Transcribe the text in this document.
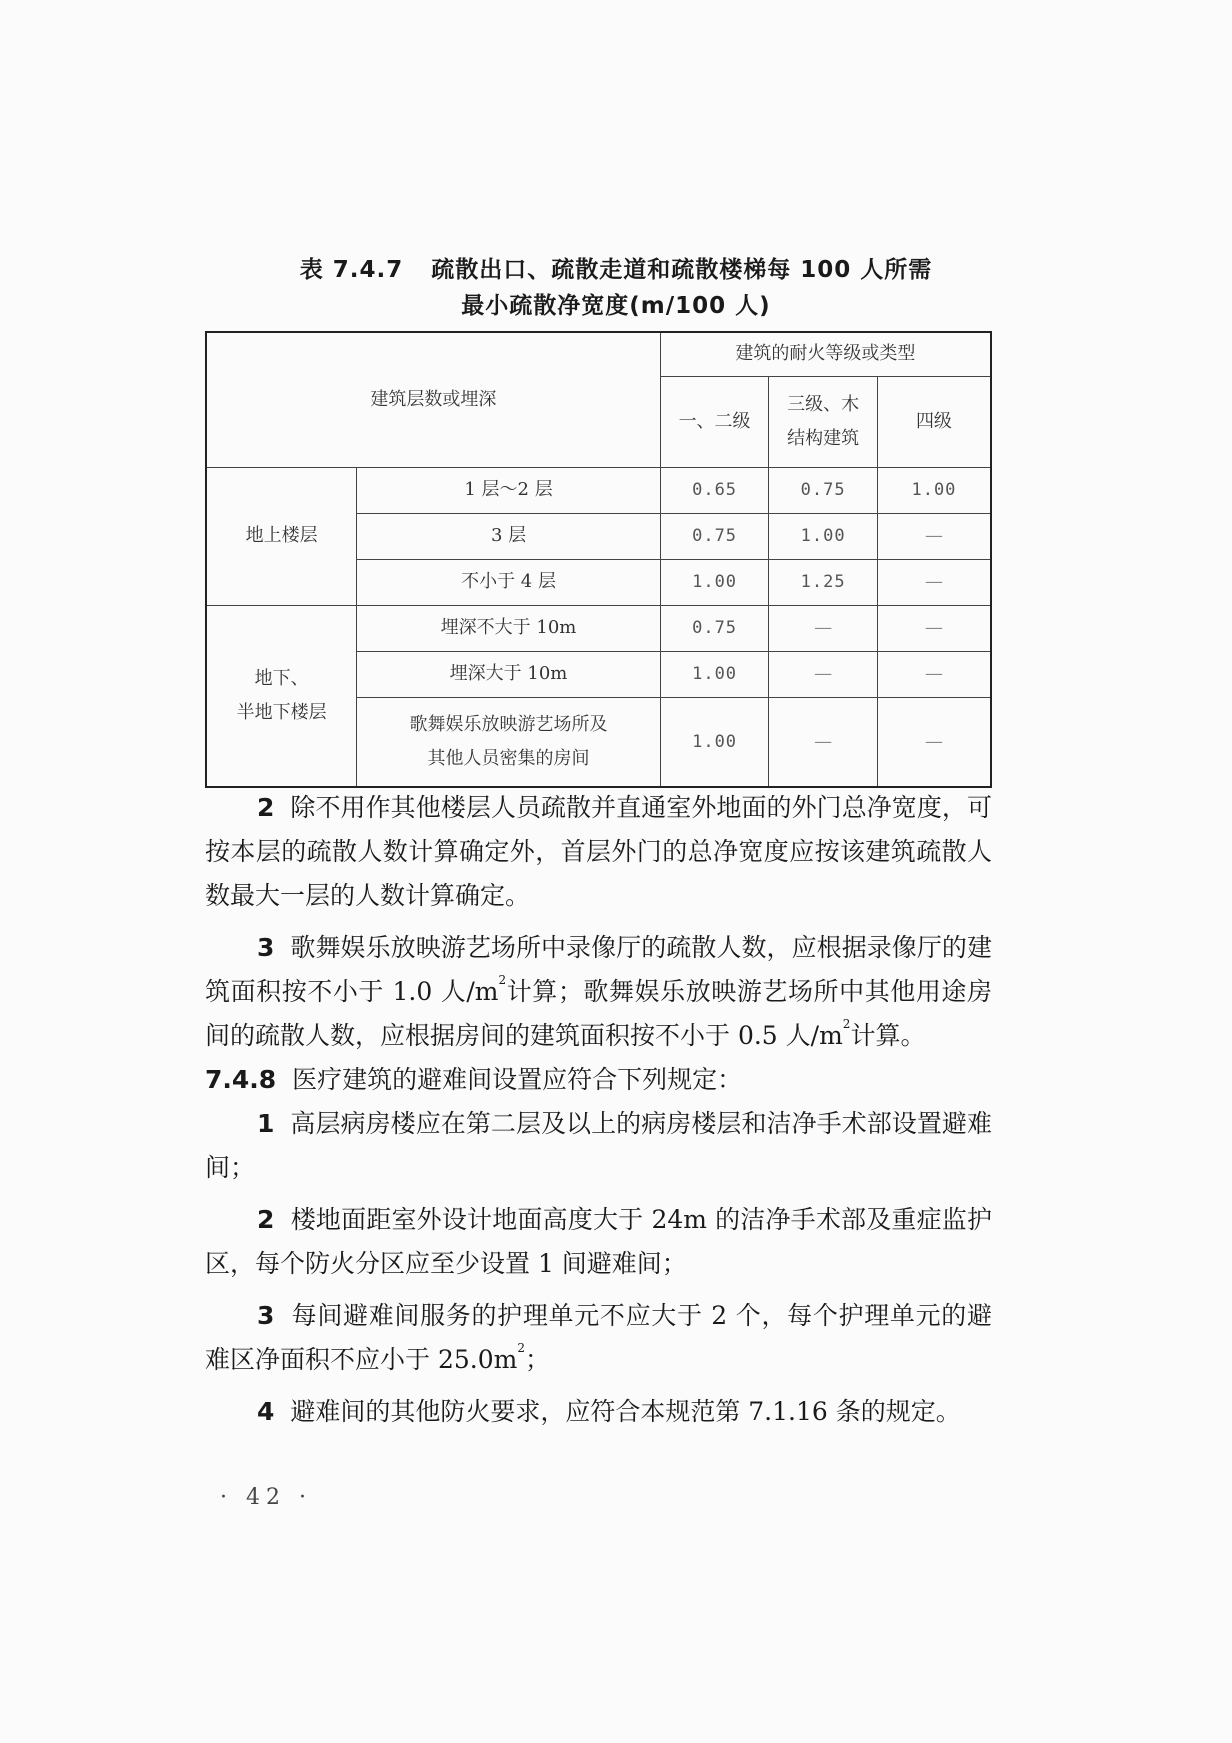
表 7.4.7 疏散出口、疏散走道和疏散楼梯每 100 人所需
最小疏散净宽度(m/100 人)
建筑层数或埋深		建筑的耐火等级或类型		
		一、二级	三级、木
结构建筑	四级
地上楼层	1 层～2 层	0.65	0.75	1.00
	3 层	0.75	1.00	—
	不小于 4 层	1.00	1.25	—

地下、
半地下楼层	埋深不大于 10m	0.75	—	—
	埋深大于 10m	1.00	—	—

	歌舞娱乐放映游艺场所及
其他人员密集的房间	1.00	—	—
2 除不用作其他楼层人员疏散并直通室外地面的外门总净宽度，可按本层的疏散人数计算确定外，首层外门的总净宽度应按该建筑疏散人数最大一层的人数计算确定。
3 歌舞娱乐放映游艺场所中录像厅的疏散人数，应根据录像厅的建筑面积按不小于 1.0 人$/m^2$计算；歌舞娱乐放映游艺场所中其他用途房间的疏散人数，应根据房间的建筑面积按不小于 0.5 人$/m^2$计算。
7.4.8 医疗建筑的避难间设置应符合下列规定：
1 高层病房楼应在第二层及以上的病房楼层和洁净手术部设置避难间；
2 楼地面距室外设计地面高度大于 24m 的洁净手术部及重症监护区，每个防火分区应至少设置 1 间避难间；
3 每间避难间服务的护理单元不应大于 2 个，每个护理单元的避难区净面积不应小于 $25.0m^2$；
4 避难间的其他防火要求，应符合本规范第 7.1.16 条的规定。
· 42 ·
